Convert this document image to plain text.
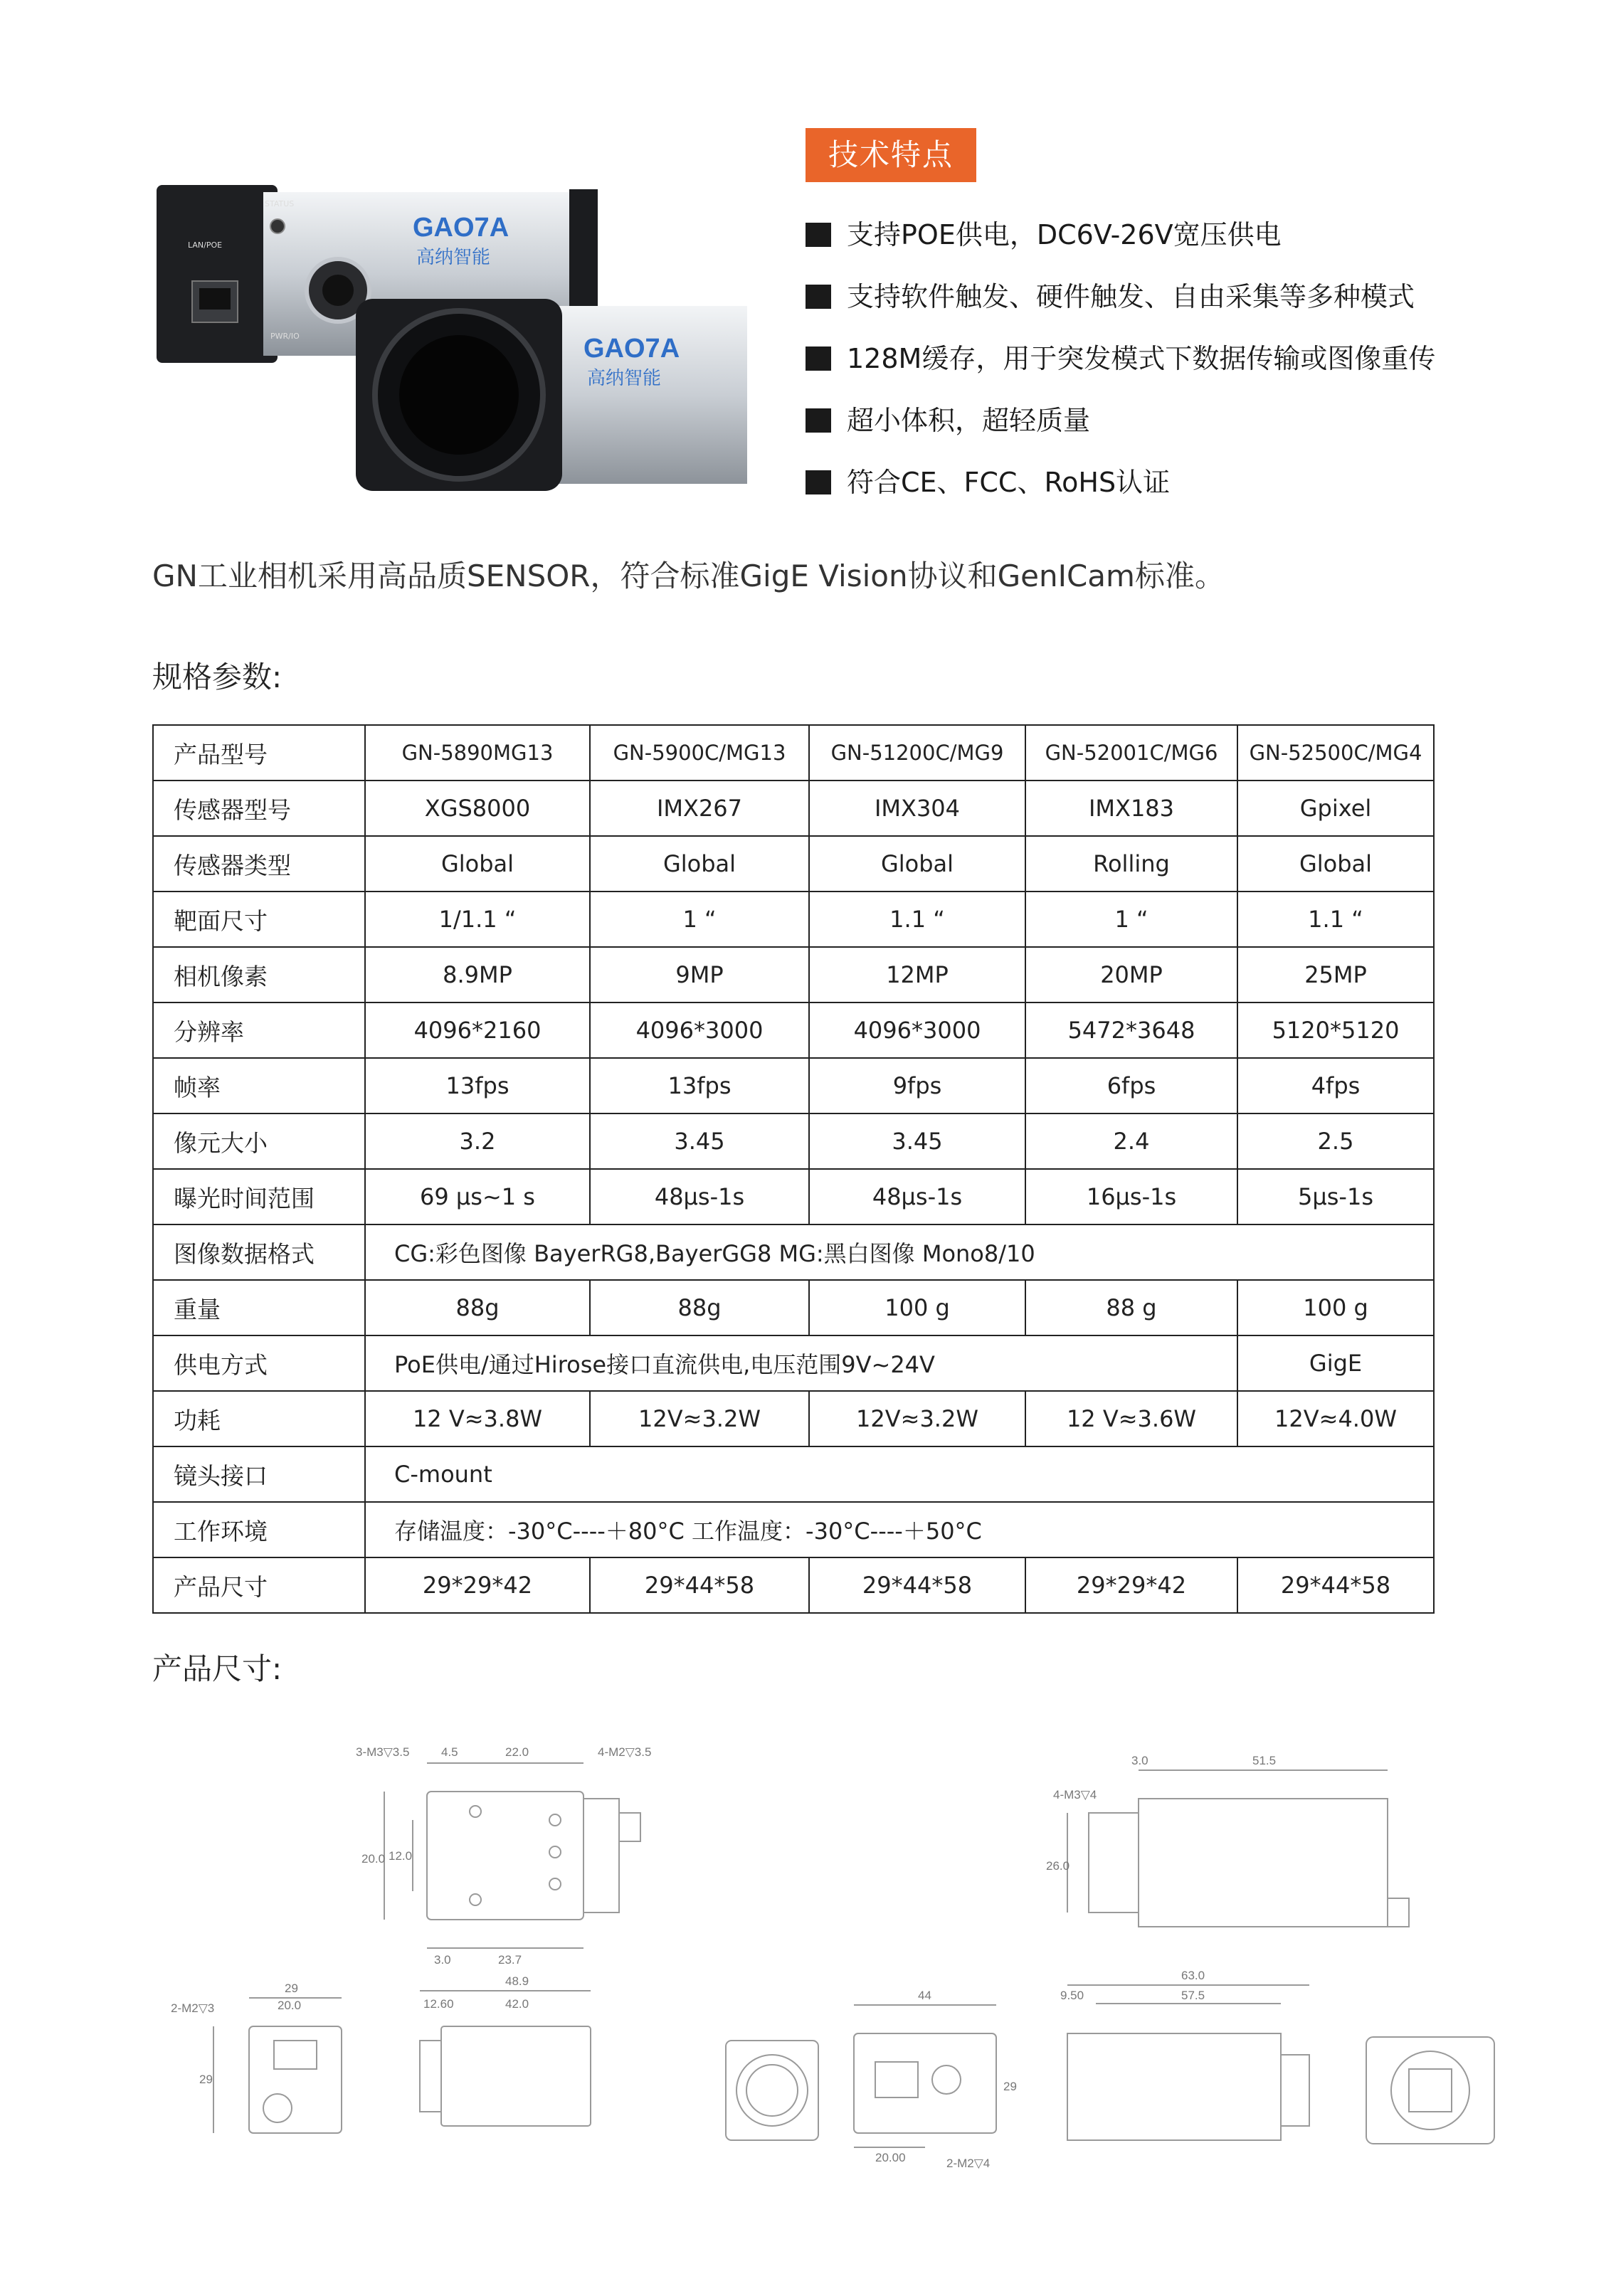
STATUS
LAN/POE
PWR/IO
GAO7A
高纳智能
GAO7A
高纳智能
技术特点
支持POE供电，DC6V-26V宽压供电
支持软件触发、硬件触发、自由采集等多种模式
128M缓存，用于突发模式下数据传输或图像重传
超小体积，超轻质量
符合CE、FCC、RoHS认证
GN工业相机采用高品质SENSOR，符合标准GigE Vision协议和GenICam标准。
规格参数:
产品型号	GN-5890MG13	GN-5900C/MG13	GN-51200C/MG9	GN-52001C/MG6	GN-52500C/MG4
传感器型号	XGS8000	IMX267	IMX304	IMX183	Gpixel
传感器类型	Global	Global	Global	Rolling	Global
靶面尺寸	1/1.1 “	1 “	1.1 “	1 “	1.1 “
相机像素	8.9MP	9MP	12MP	20MP	25MP
分辨率	4096*2160	4096*3000	4096*3000	5472*3648	5120*5120
帧率	13fps	13fps	9fps	6fps	4fps
像元大小	3.2	3.45	3.45	2.4	2.5
曝光时间范围	69 µs~1 s	48µs-1s	48µs-1s	16µs-1s	5µs-1s
图像数据格式	CG:彩色图像 BayerRG8,BayerGG8 MG:黑白图像 Mono8/10				
重量	88g	88g	100 g	88 g	100 g
供电方式	PoE供电/通过Hirose接口直流供电,电压范围9V~24V				GigE
功耗	12 V≈3.8W	12V≈3.2W	12V≈3.2W	12 V≈3.6W	12V≈4.0W
镜头接口	C-mount				
工作环境	存储温度：-30°C----＋80°C 工作温度：-30°C----＋50°C				
产品尺寸	29*29*42	29*44*58	29*44*58	29*29*42	29*44*58
产品尺寸:
3-M3▽3.5	4.5	22.0	4-M2▽3.5
20.0 12.0
3.0	23.7
3.0	51.5
4-M3▽4
26.0
29
20.0
2-M2▽3
29
48.9
42.0
12.60
44
29
20.00	2-M2▽4
63.0
9.50	57.5
